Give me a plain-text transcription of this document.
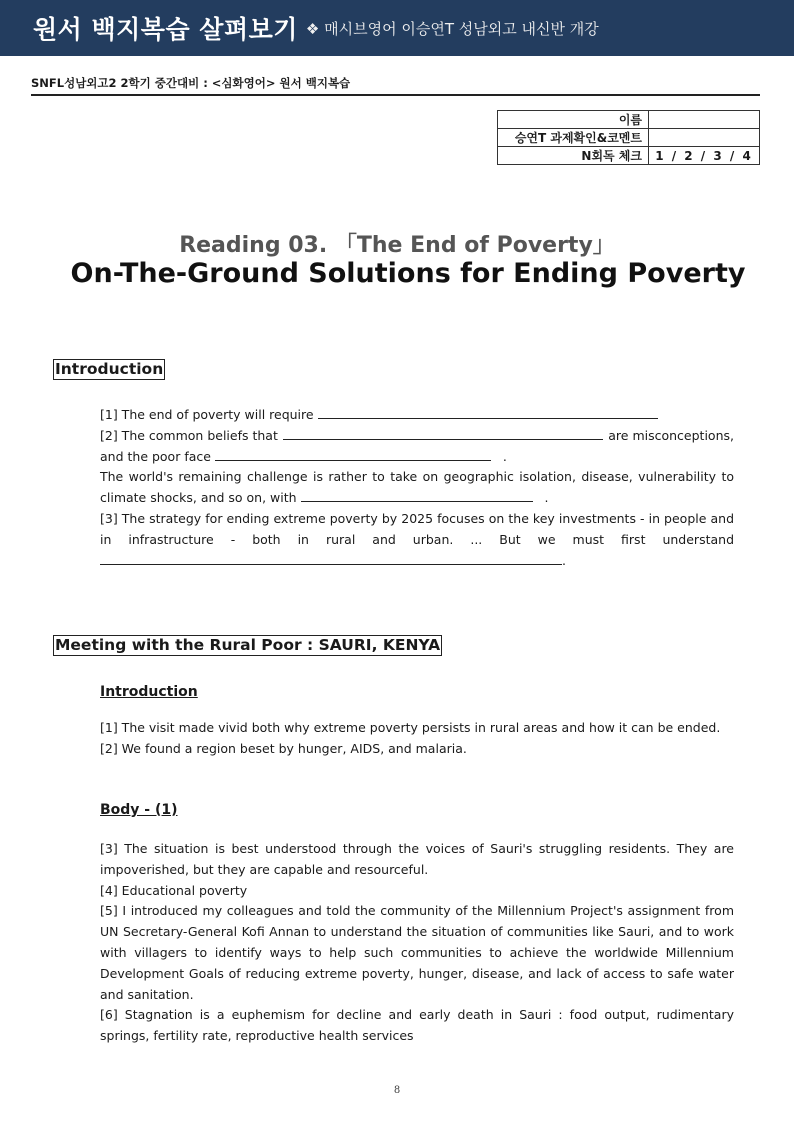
원서 백지복습 살펴보기 ❖ 매시브영어 이승연T 성남외고 내신반 개강
SNFL성남외고2 2학기 중간대비 : <심화영어> 원서 백지복습
이름	
승연T 과제확인&코멘트	
N회독 체크	1 / 2 / 3 / 4
Reading 03. 「The End of Poverty」
On-The-Ground Solutions for Ending Poverty
Introduction
[1] The end of poverty will require
[2] The common beliefs that	are misconceptions,
and the poor face	.
The world's remaining challenge is rather to take on geographic isolation, disease, vulnerability to
climate shocks, and so on, with	.
[3] The strategy for ending extreme poverty by 2025 focuses on the key investments - in people and
in infrastructure - both in rural and urban. ... But we must first understand
.
Meeting with the Rural Poor : SAURI, KENYA
Introduction
[1] The visit made vivid both why extreme poverty persists in rural areas and how it can be ended.
[2] We found a region beset by hunger, AIDS, and malaria.
Body - (1)
[3] The situation is best understood through the voices of Sauri's struggling residents. They are impoverished, but they are capable and resourceful.
[4] Educational poverty
[5] I introduced my colleagues and told the community of the Millennium Project's assignment from UN Secretary-General Kofi Annan to understand the situation of communities like Sauri, and to work with villagers to identify ways to help such communities to achieve the worldwide Millennium Development Goals of reducing extreme poverty, hunger, disease, and lack of access to safe water and sanitation.
[6] Stagnation is a euphemism for decline and early death in Sauri : food output, rudimentary springs, fertility rate, reproductive health services
8
